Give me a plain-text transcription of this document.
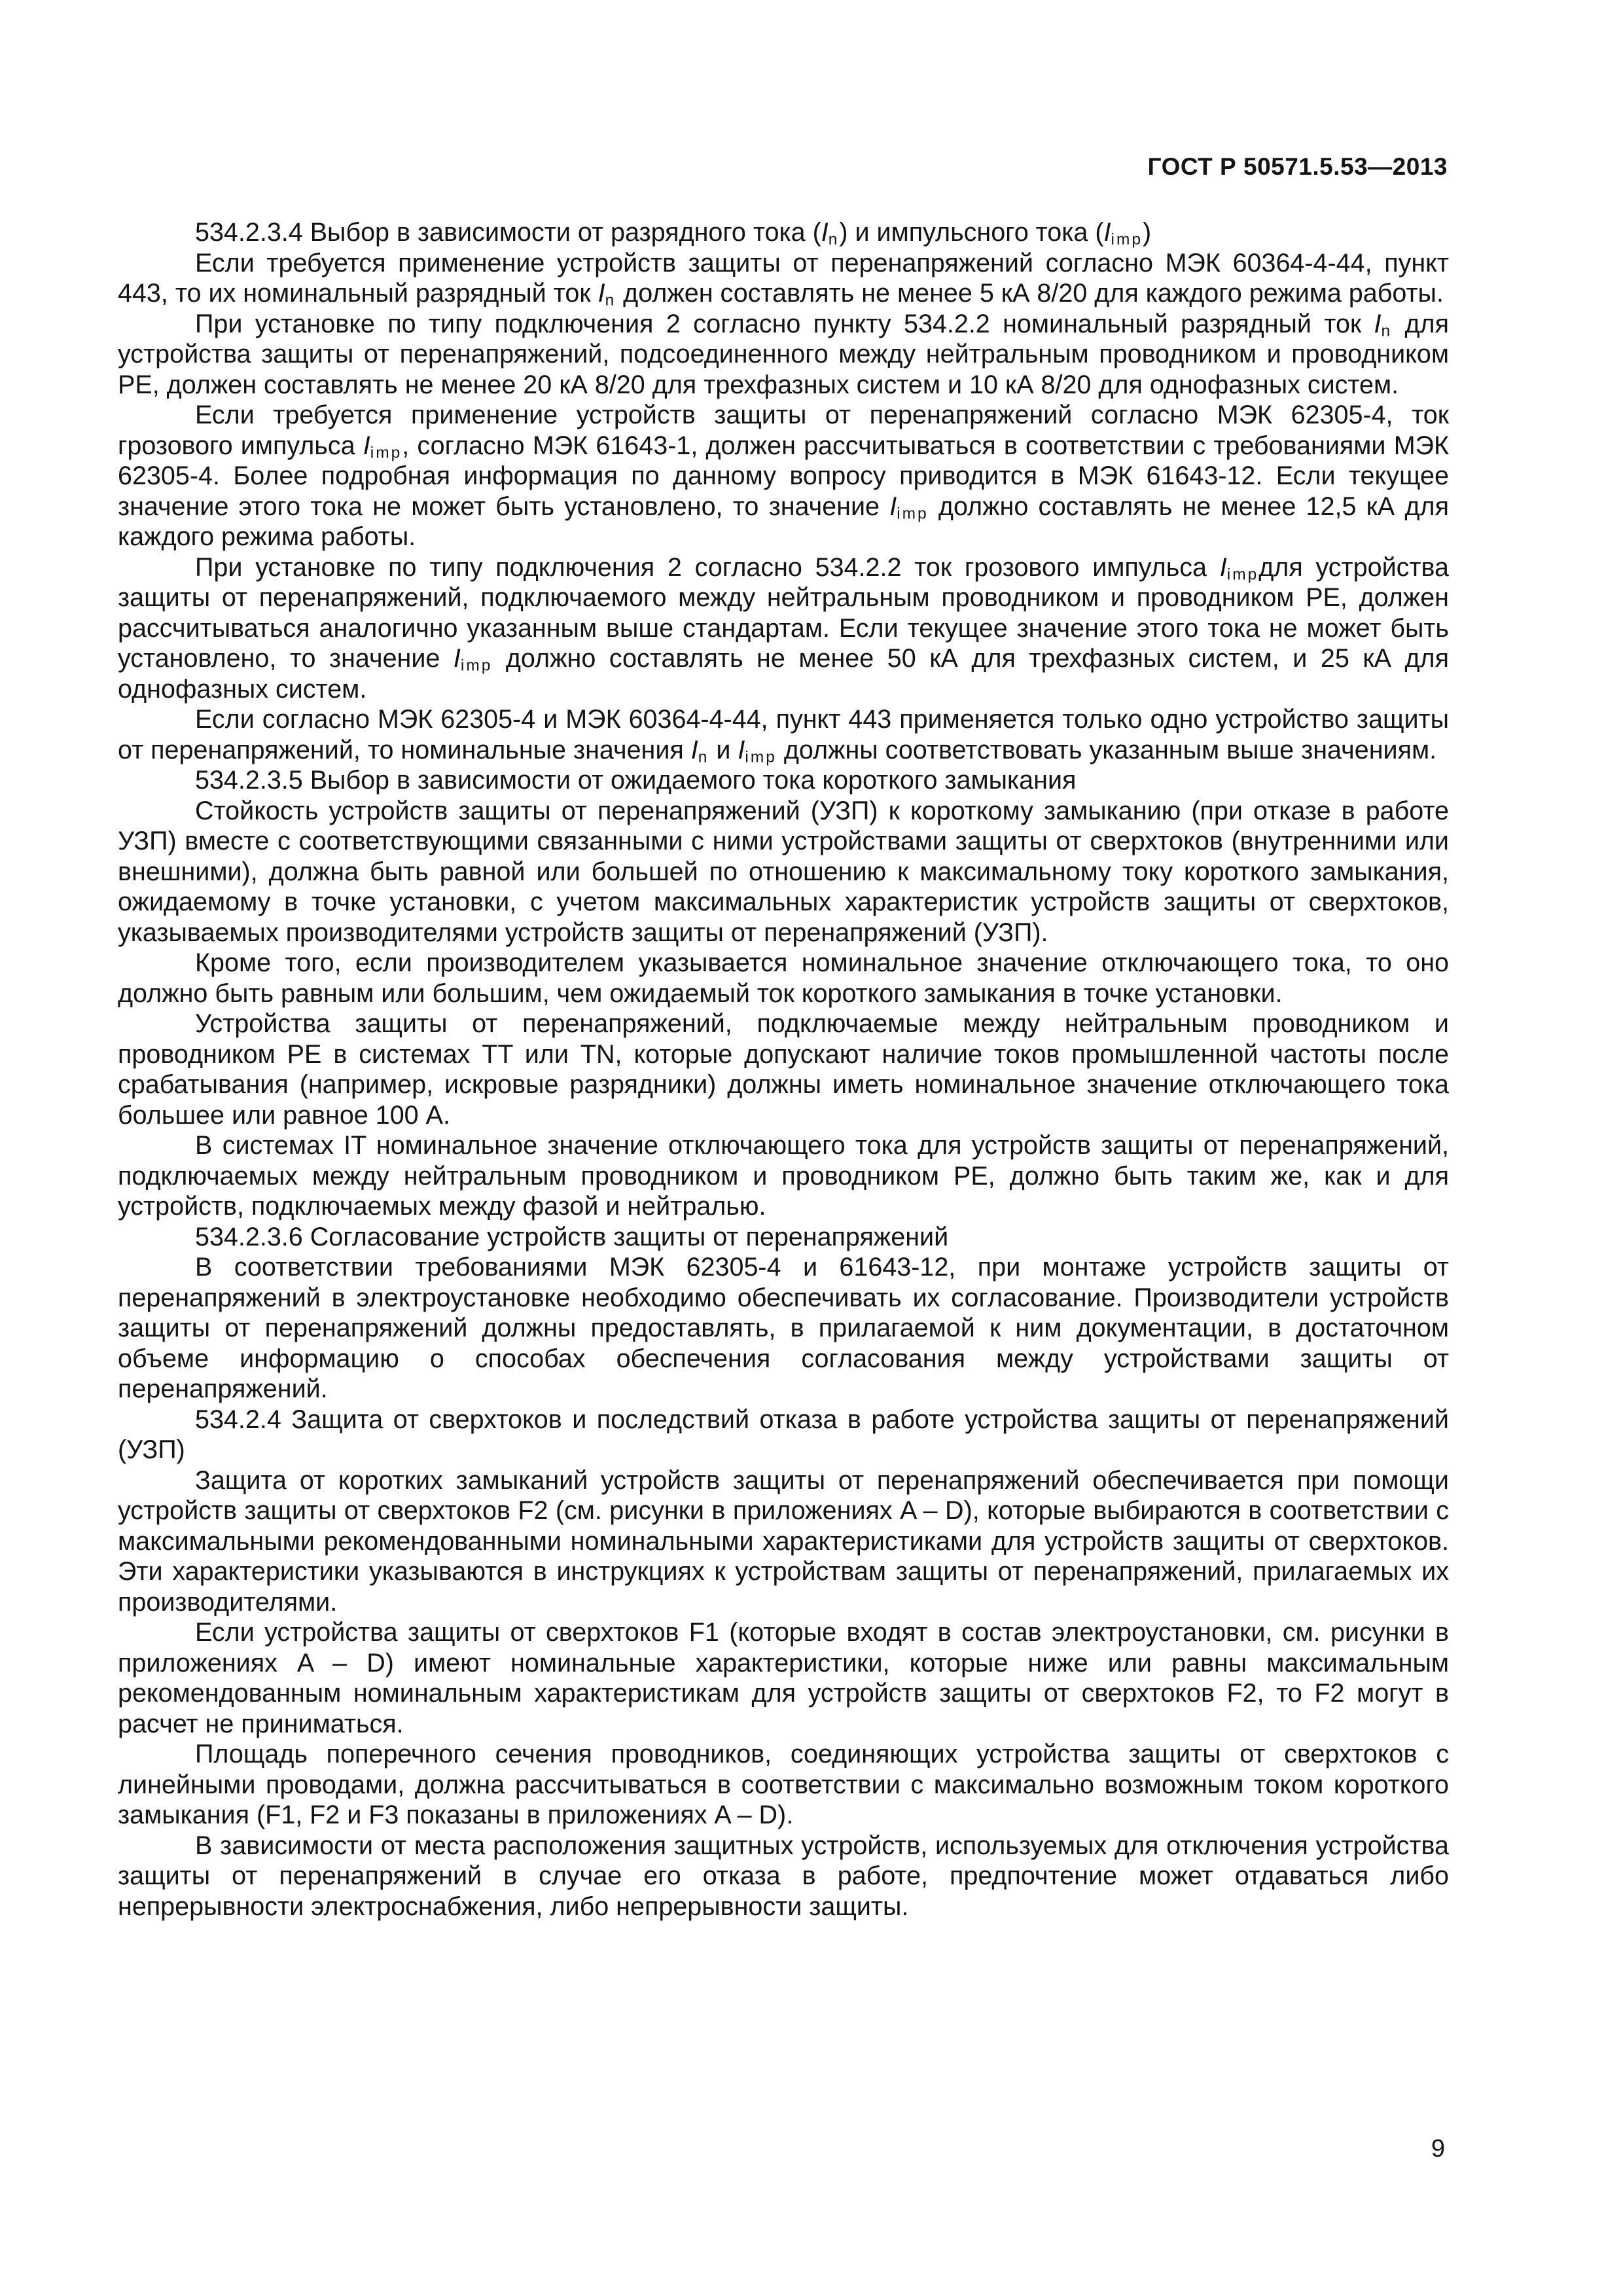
ГОСТ Р 50571.5.53—2013

534.2.3.4 Выбор в зависимости от разрядного тока $(I_n)$ и импульсного тока $(I_{imp})$

Если требуется применение устройств защиты от перенапряжений согласно МЭК 60364-4-44, пункт 443, то их номинальный разрядный ток $I_n$ должен составлять не менее 5 кА 8/20 для каждого режима работы.

При установке по типу подключения 2 согласно пункту 534.2.2 номинальный разрядный ток $I_n$ для устройства защиты от перенапряжений, подсоединенного между нейтральным проводником и проводником PE, должен составлять не менее 20 кА 8/20 для трехфазных систем и 10 кА 8/20 для однофазных систем.

Если требуется применение устройств защиты от перенапряжений согласно МЭК 62305-4, ток грозового импульса $I_{imp}$, согласно МЭК 61643-1, должен рассчитываться в соответствии с требованиями МЭК 62305-4. Более подробная информация по данному вопросу приводится в МЭК 61643-12. Если текущее значение этого тока не может быть установлено, то значение $I_{imp}$ должно составлять не менее 12,5 кА для каждого режима работы.

При установке по типу подключения 2 согласно 534.2.2 ток грозового импульса $I_{imp}для$ устройства защиты от перенапряжений, подключаемого между нейтральным проводником и проводником PE, должен рассчитываться аналогично указанным выше стандартам. Если текущее значение этого тока не может быть установлено, то значение $I_{imp}$ должно составлять не менее 50 кА для трехфазных систем, и 25 кА для однофазных систем.

Если согласно МЭК 62305-4 и МЭК 60364-4-44, пункт 443 применяется только одно устройство защиты от перенапряжений, то номинальные значения $I_n$ и $I_{imp}$ должны соответствовать указанным выше значениям.

534.2.3.5 Выбор в зависимости от ожидаемого тока короткого замыкания

Стойкость устройств защиты от перенапряжений (УЗП) к короткому замыканию (при отказе в работе УЗП) вместе с соответствующими связанными с ними устройствами защиты от сверхтоков (внутренними или внешними), должна быть равной или большей по отношению к максимальному току короткого замыкания, ожидаемому в точке установки, с учетом максимальных характеристик устройств защиты от сверхтоков, указываемых производителями устройств защиты от перенапряжений (УЗП).

Кроме того, если производителем указывается номинальное значение отключающего тока, то оно должно быть равным или большим, чем ожидаемый ток короткого замыкания в точке установки.

Устройства защиты от перенапряжений, подключаемые между нейтральным проводником и проводником PE в системах TT или TN, которые допускают наличие токов промышленной частоты после срабатывания (например, искровые разрядники) должны иметь номинальное значение отключающего тока большее или равное 100 А.

В системах IT номинальное значение отключающего тока для устройств защиты от перенапряжений, подключаемых между нейтральным проводником и проводником PE, должно быть таким же, как и для устройств, подключаемых между фазой и нейтралью.

534.2.3.6 Согласование устройств защиты от перенапряжений

В соответствии требованиями МЭК 62305-4 и 61643-12, при монтаже устройств защиты от перенапряжений в электроустановке необходимо обеспечивать их согласование. Производители устройств защиты от перенапряжений должны предоставлять, в прилагаемой к ним документации, в достаточном объеме информацию о способах обеспечения согласования между устройствами защиты от перенапряжений.

534.2.4 Защита от сверхтоков и последствий отказа в работе устройства защиты от перенапряжений (УЗП)

Защита от коротких замыканий устройств защиты от перенапряжений обеспечивается при помощи устройств защиты от сверхтоков F2 (см. рисунки в приложениях A – D), которые выбираются в соответствии с максимальными рекомендованными номинальными характеристиками для устройств защиты от сверхтоков. Эти характеристики указываются в инструкциях к устройствам защиты от перенапряжений, прилагаемых их производителями.

Если устройства защиты от сверхтоков F1 (которые входят в состав электроустановки, см. рисунки в приложениях A – D) имеют номинальные характеристики, которые ниже или равны максимальным рекомендованным номинальным характеристикам для устройств защиты от сверхтоков F2, то F2 могут в расчет не приниматься.

Площадь поперечного сечения проводников, соединяющих устройства защиты от сверхтоков с линейными проводами, должна рассчитываться в соответствии с максимально возможным током короткого замыкания (F1, F2 и F3 показаны в приложениях A – D).

В зависимости от места расположения защитных устройств, используемых для отключения устройства защиты от перенапряжений в случае его отказа в работе, предпочтение может отдаваться либо непрерывности электроснабжения, либо непрерывности защиты.

9
